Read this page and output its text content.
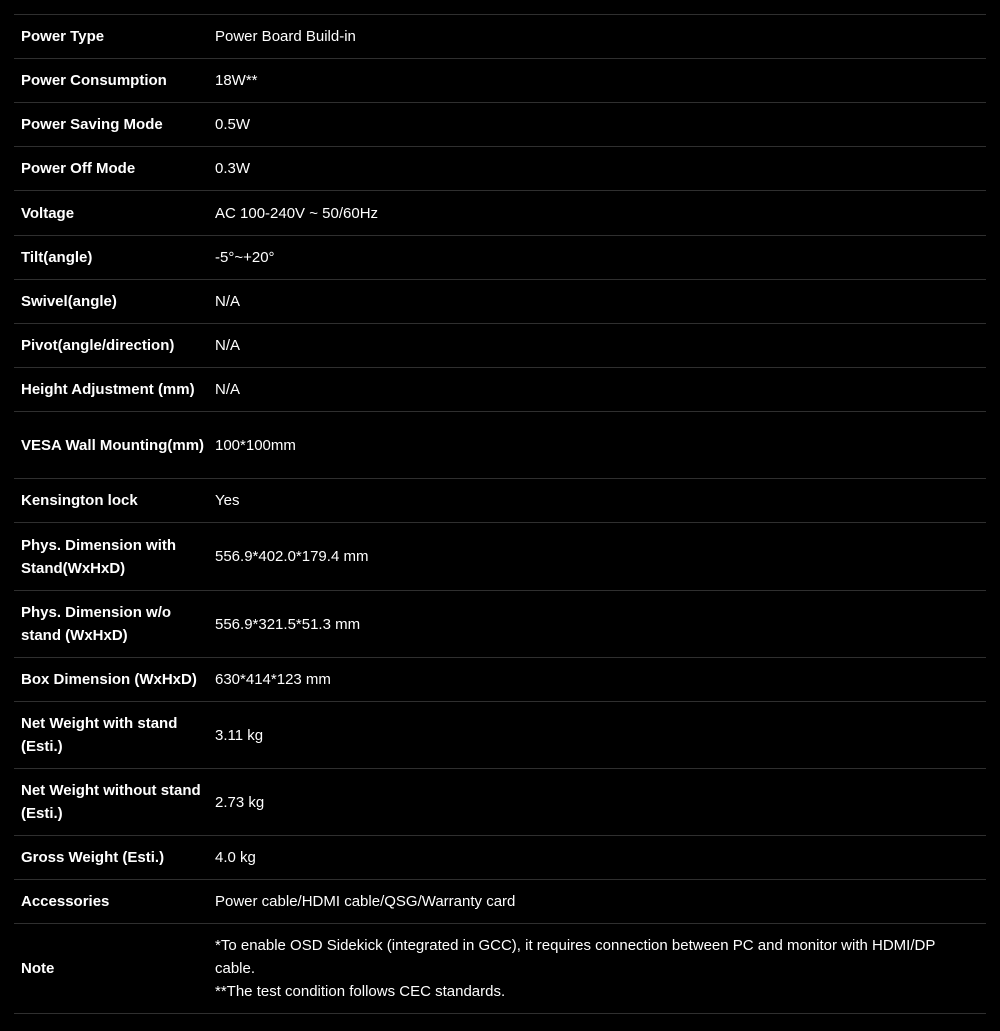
Power Type	Power Board Build-in

Power Consumption	18W**

Power Saving Mode	0.5W

Power Off Mode	0.3W

Voltage	AC 100-240V ~ 50/60Hz

Tilt(angle)	-5°~+20°

Swivel(angle)	N/A

Pivot(angle/direction)	N/A

Height Adjustment (mm)	N/A

VESA Wall Mounting(mm)	100*100mm

Kensington lock	Yes

Phys. Dimension with Stand(WxHxD)	556.9*402.0*179.4 mm

Phys. Dimension w/o stand (WxHxD)	556.9*321.5*51.3 mm

Box Dimension (WxHxD)	630*414*123 mm

Net Weight with stand (Esti.)	3.11 kg

Net Weight without stand (Esti.)	2.73 kg

Gross Weight (Esti.)	4.0 kg

Accessories	Power cable/HDMI cable/QSG/Warranty card

Note	*To enable OSD Sidekick (integrated in GCC), it requires connection between PC and monitor with HDMI/DP cable.
**The test condition follows CEC standards.
